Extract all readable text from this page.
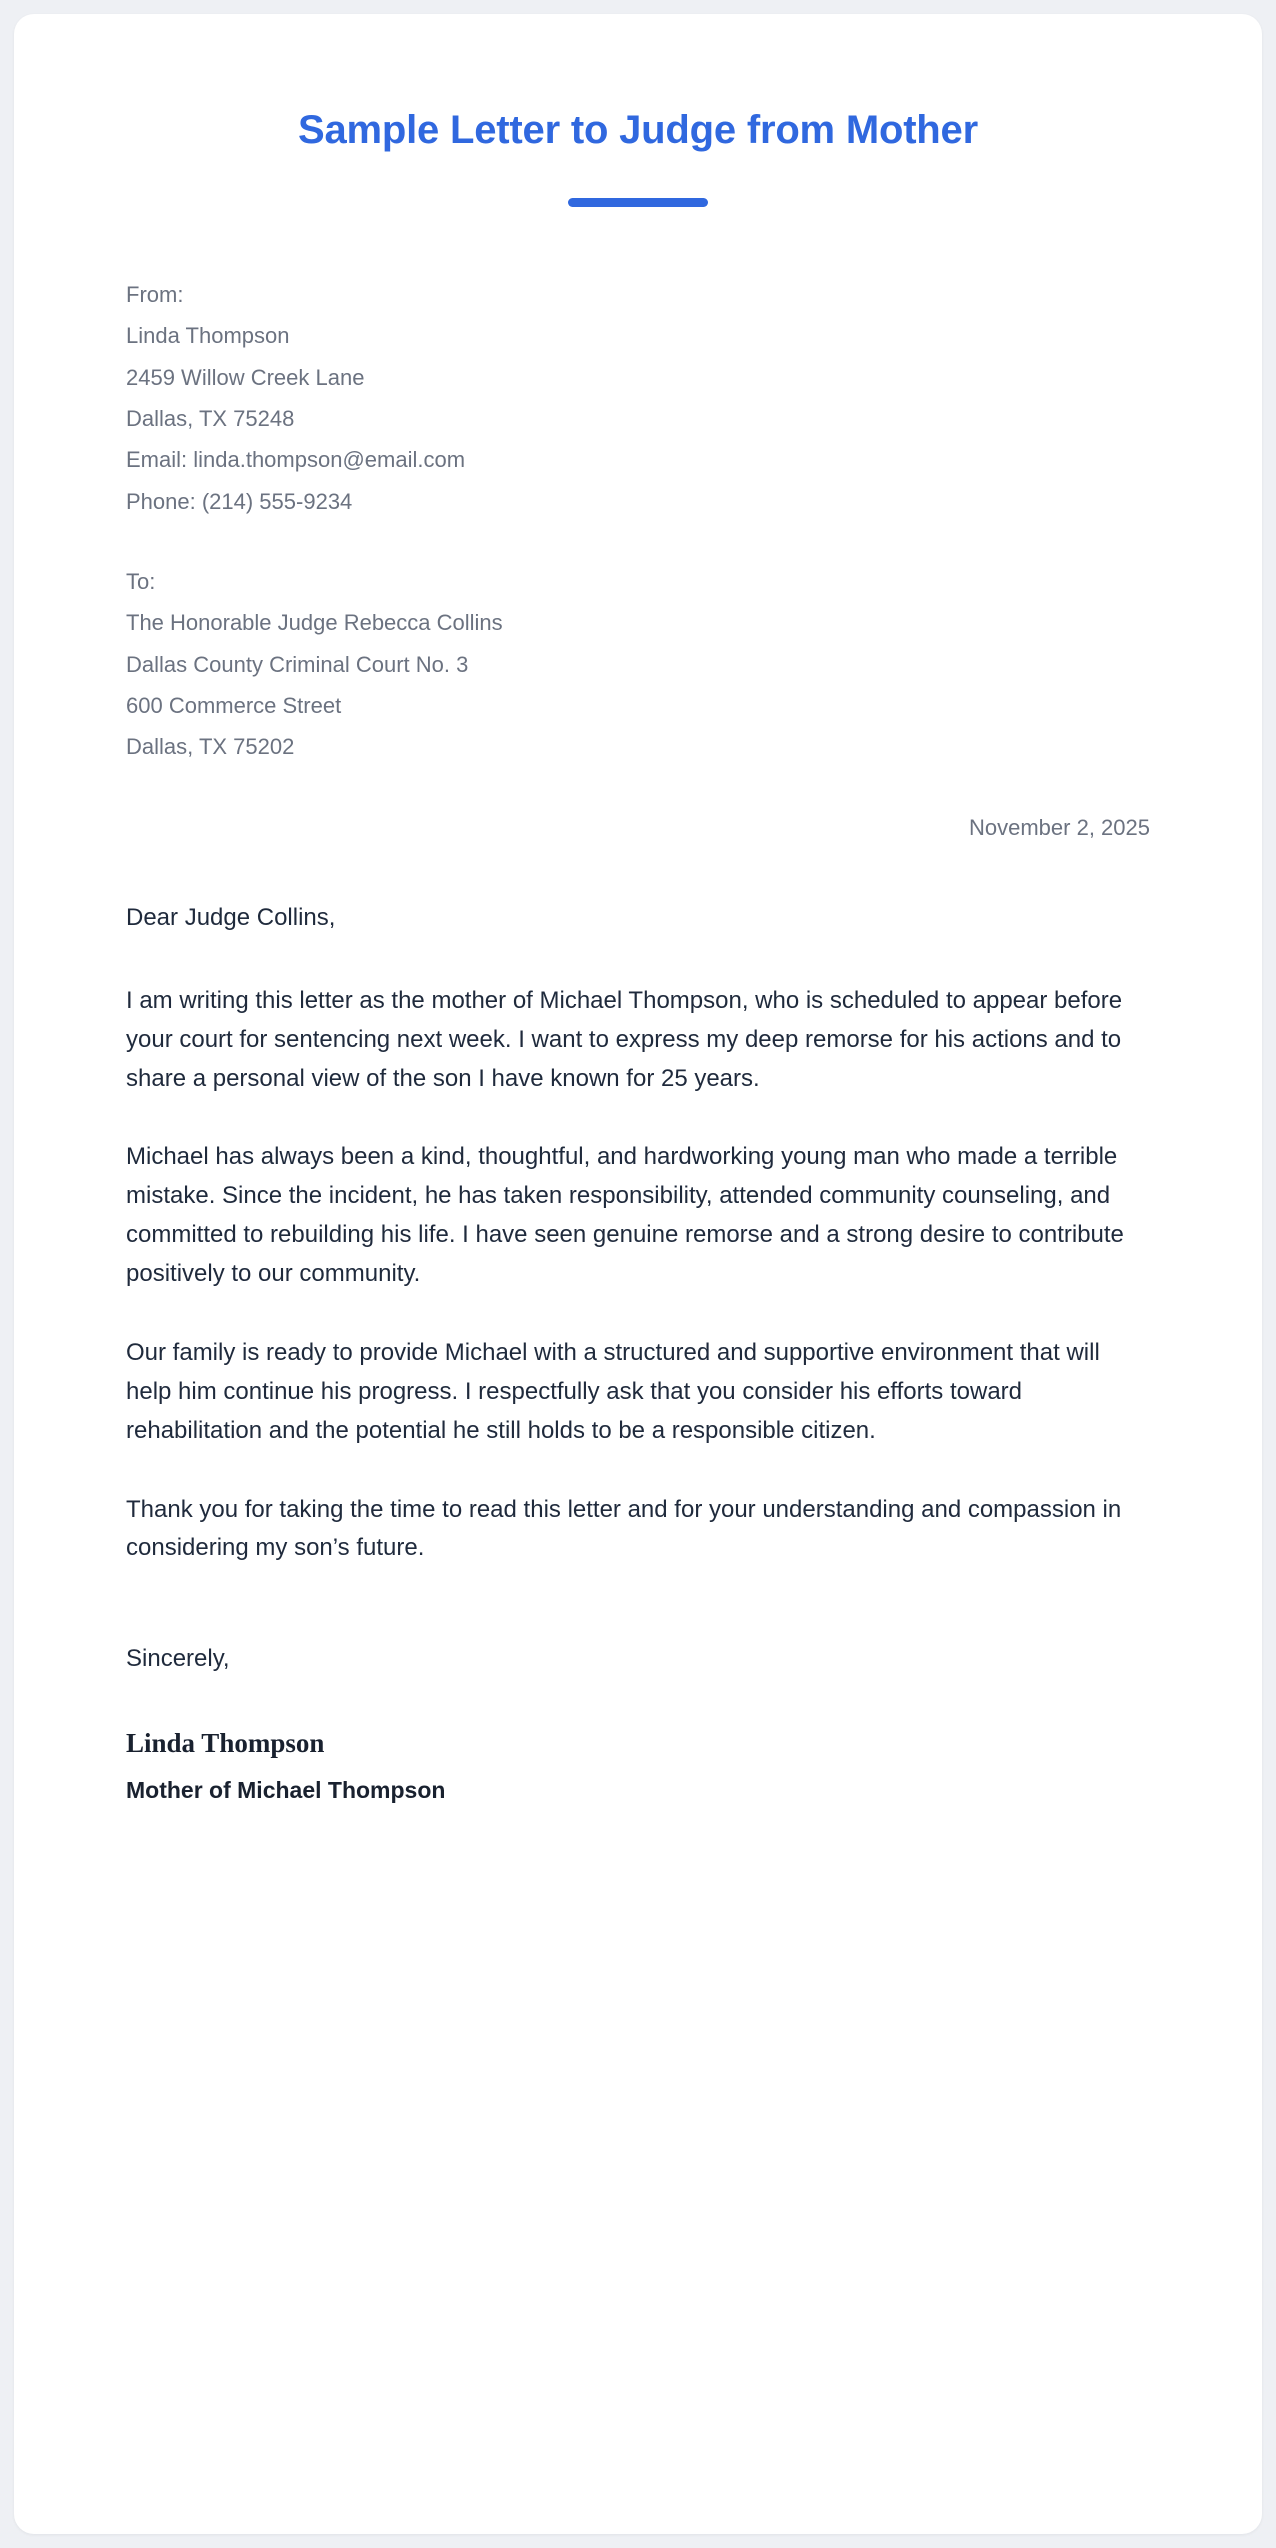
Sample Letter to Judge from Mother

From:

Linda Thompson

2459 Willow Creek Lane

Dallas, TX 75248

Email: linda.thompson@email.com

Phone: (214) 555-9234

To:

The Honorable Judge Rebecca Collins

Dallas County Criminal Court No. 3

600 Commerce Street

Dallas, TX 75202

November 2, 2025

Dear Judge Collins,

I am writing this letter as the mother of Michael Thompson, who is scheduled to appear before your court for sentencing next week. I want to express my deep remorse for his actions and to share a personal view of the son I have known for 25 years.

Michael has always been a kind, thoughtful, and hardworking young man who made a terrible mistake. Since the incident, he has taken responsibility, attended community counseling, and committed to rebuilding his life. I have seen genuine remorse and a strong desire to contribute positively to our community.

Our family is ready to provide Michael with a structured and supportive environment that will help him continue his progress. I respectfully ask that you consider his efforts toward rehabilitation and the potential he still holds to be a responsible citizen.

Thank you for taking the time to read this letter and for your understanding and compassion in considering my son’s future.

Sincerely,

Linda Thompson

Mother of Michael Thompson
